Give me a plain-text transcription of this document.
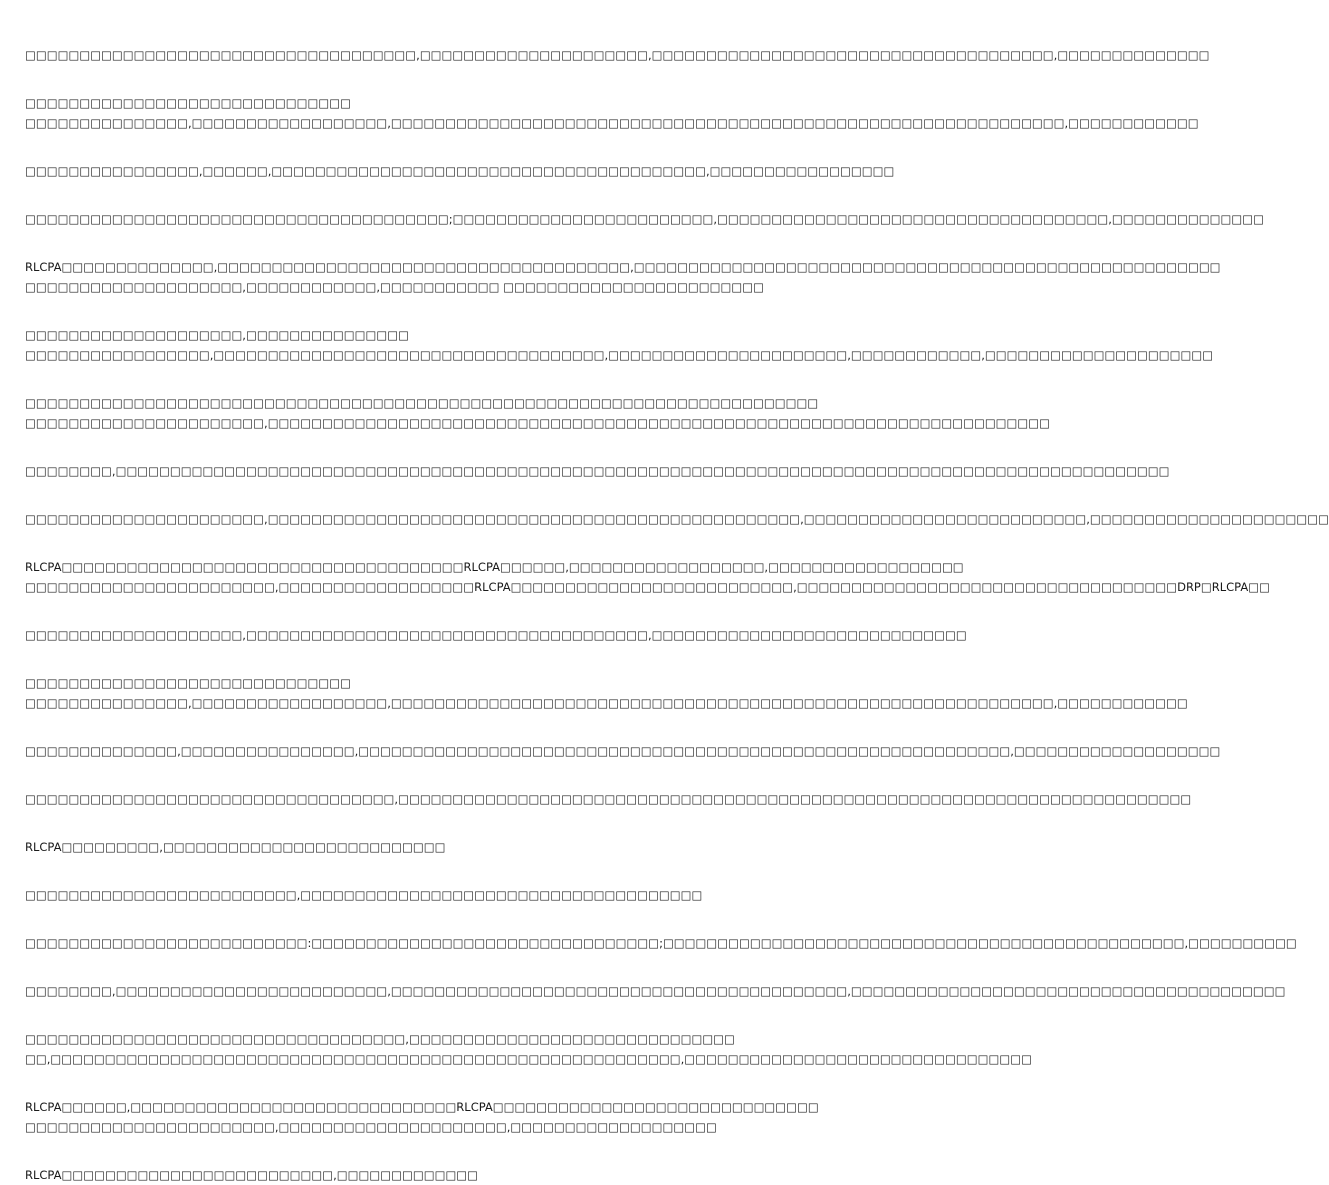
□□□□□□□□□□□□□□□□□□□□□□□□□□□□□□□□□□□□,□□□□□□□□□□□□□□□□□□□□□,□□□□□□□□□□□□□□□□□□□□□□□□□□□□□□□□□□□□□,□□□□□□□□□□□□□□
□□□□□□□□□□□□□□□□□□□□□□□□□□□□□□
□□□□□□□□□□□□□□□,□□□□□□□□□□□□□□□□□□,□□□□□□□□□□□□□□□□□□□□□□□□□□□□□□□□□□□□□□□□□□□□□□□□□□□□□□□□□□□□□□,□□□□□□□□□□□□
□□□□□□□□□□□□□□□□,□□□□□□,□□□□□□□□□□□□□□□□□□□□□□□□□□□□□□□□□□□□□□□□,□□□□□□□□□□□□□□□□□
□□□□□□□□□□□□□□□□□□□□□□□□□□□□□□□□□□□□□□□;□□□□□□□□□□□□□□□□□□□□□□□□,□□□□□□□□□□□□□□□□□□□□□□□□□□□□□□□□□□□□,□□□□□□□□□□□□□□
RLCPA□□□□□□□□□□□□□□,□□□□□□□□□□□□□□□□□□□□□□□□□□□□□□□□□□□□□□,□□□□□□□□□□□□□□□□□□□□□□□□□□□□□□□□□□□□□□□□□□□□□□□□□□□□□□
□□□□□□□□□□□□□□□□□□□□,□□□□□□□□□□□□,□□□□□□□□□□□ □□□□□□□□□□□□□□□□□□□□□□□□
□□□□□□□□□□□□□□□□□□□□,□□□□□□□□□□□□□□□
□□□□□□□□□□□□□□□□□,□□□□□□□□□□□□□□□□□□□□□□□□□□□□□□□□□□□□,□□□□□□□□□□□□□□□□□□□□□□,□□□□□□□□□□□□,□□□□□□□□□□□□□□□□□□□□□
□□□□□□□□□□□□□□□□□□□□□□□□□□□□□□□□□□□□□□□□□□□□□□□□□□□□□□□□□□□□□□□□□□□□□□□□□
□□□□□□□□□□□□□□□□□□□□□□,□□□□□□□□□□□□□□□□□□□□□□□□□□□□□□□□□□□□□□□□□□□□□□□□□□□□□□□□□□□□□□□□□□□□□□□□
□□□□□□□□,□□□□□□□□□□□□□□□□□□□□□□□□□□□□□□□□□□□□□□□□□□□□□□□□□□□□□□□□□□□□□□□□□□□□□□□□□□□□□□□□□□□□□□□□□□□□□□□□□
□□□□□□□□□□□□□□□□□□□□□□,□□□□□□□□□□□□□□□□□□□□□□□□□□□□□□□□□□□□□□□□□□□□□□□□□,□□□□□□□□□□□□□□□□□□□□□□□□□□,□□□□□□□□□□□□□□□□□□□□□□
RLCPA□□□□□□□□□□□□□□□□□□□□□□□□□□□□□□□□□□□□□RLCPA□□□□□□,□□□□□□□□□□□□□□□□□□,□□□□□□□□□□□□□□□□□□
□□□□□□□□□□□□□□□□□□□□□□□,□□□□□□□□□□□□□□□□□□RLCPA□□□□□□□□□□□□□□□□□□□□□□□□□□,□□□□□□□□□□□□□□□□□□□□□□□□□□□□□□□□□□□DRP□RLCPA□□
□□□□□□□□□□□□□□□□□□□□,□□□□□□□□□□□□□□□□□□□□□□□□□□□□□□□□□□□□□,□□□□□□□□□□□□□□□□□□□□□□□□□□□□□
□□□□□□□□□□□□□□□□□□□□□□□□□□□□□□
□□□□□□□□□□□□□□□,□□□□□□□□□□□□□□□□□□,□□□□□□□□□□□□□□□□□□□□□□□□□□□□□□□□□□□□□□□□□□□□□□□□□□□□□□□□□□□□□,□□□□□□□□□□□□
□□□□□□□□□□□□□□,□□□□□□□□□□□□□□□□,□□□□□□□□□□□□□□□□□□□□□□□□□□□□□□□□□□□□□□□□□□□□□□□□□□□□□□□□□□□□,□□□□□□□□□□□□□□□□□□□
□□□□□□□□□□□□□□□□□□□□□□□□□□□□□□□□□□,□□□□□□□□□□□□□□□□□□□□□□□□□□□□□□□□□□□□□□□□□□□□□□□□□□□□□□□□□□□□□□□□□□□□□□□□□
RLCPA□□□□□□□□□,□□□□□□□□□□□□□□□□□□□□□□□□□□
□□□□□□□□□□□□□□□□□□□□□□□□□,□□□□□□□□□□□□□□□□□□□□□□□□□□□□□□□□□□□□□
□□□□□□□□□□□□□□□□□□□□□□□□□□:□□□□□□□□□□□□□□□□□□□□□□□□□□□□□□□□;□□□□□□□□□□□□□□□□□□□□□□□□□□□□□□□□□□□□□□□□□□□□□□□□,□□□□□□□□□□
□□□□□□□□,□□□□□□□□□□□□□□□□□□□□□□□□□,□□□□□□□□□□□□□□□□□□□□□□□□□□□□□□□□□□□□□□□□□□,□□□□□□□□□□□□□□□□□□□□□□□□□□□□□□□□□□□□□□□□
□□□□□□□□□□□□□□□□□□□□□□□□□□□□□□□□□□□,□□□□□□□□□□□□□□□□□□□□□□□□□□□□□□
□□,□□□□□□□□□□□□□□□□□□□□□□□□□□□□□□□□□□□□□□□□□□□□□□□□□□□□□□□□□□,□□□□□□□□□□□□□□□□□□□□□□□□□□□□□□□□
RLCPA□□□□□□,□□□□□□□□□□□□□□□□□□□□□□□□□□□□□□RLCPA□□□□□□□□□□□□□□□□□□□□□□□□□□□□□□
□□□□□□□□□□□□□□□□□□□□□□□,□□□□□□□□□□□□□□□□□□□□□,□□□□□□□□□□□□□□□□□□□
RLCPA□□□□□□□□□□□□□□□□□□□□□□□□□,□□□□□□□□□□□□□
